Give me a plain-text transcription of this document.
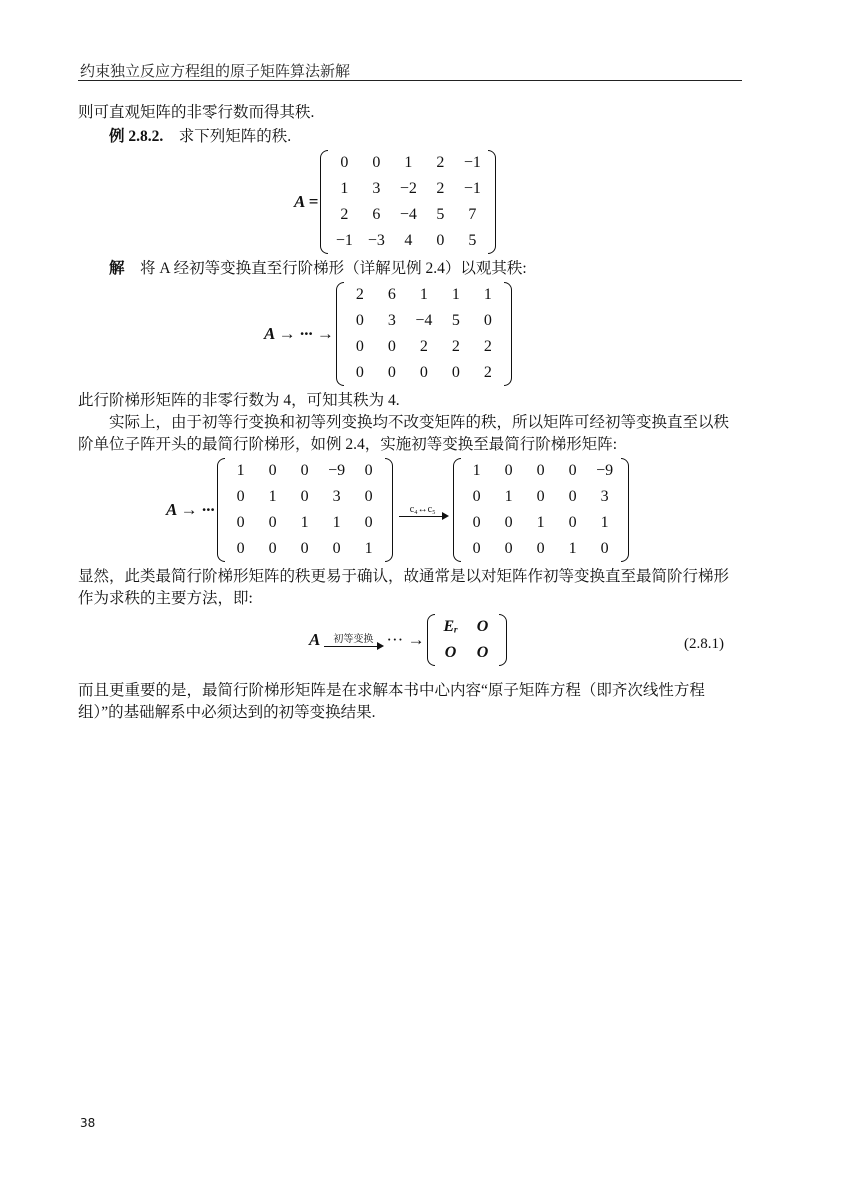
约束独立反应方程组的原子矩阵算法新解

则可直观矩阵的非零行数而得其秩.

例 2.8.2.　求下列矩阵的秩.

A =
0	0	1	2	−1
1	3	−2	2	−1
2	6	−4	5	7
−1	−3	4	0	5

解　将 A 经初等变换直至行阶梯形（详解见例 2.4）以观其秩:

A → ··· →
2	6	1	1	1
0	3	−4	5	0
0	0	2	2	2
0	0	0	0	2

此行阶梯形矩阵的非零行数为 4，可知其秩为 4.

实际上，由于初等行变换和初等列变换均不改变矩阵的秩，所以矩阵可经初等变换直至以秩阶单位子阵开头的最简行阶梯形，如例 2.4，实施初等变换至最简行阶梯形矩阵:

A → ···
1	0	0	−9	0
0	1	0	3	0
0	0	1	1	0
0	0	0	0	1
c₄↔c₅
1	0	0	0	−9
0	1	0	0	3
0	0	1	0	1
0	0	0	1	0

显然，此类最简行阶梯形矩阵的秩更易于确认，故通常是以对矩阵作初等变换直至最简阶行梯形作为求秩的主要方法，即:

A 初等变换 ··· →
Eᵣ	O
O	O	(2.8.1)

而且更重要的是，最简行阶梯形矩阵是在求解本书中心内容“原子矩阵方程（即齐次线性方程组）”的基础解系中必须达到的初等变换结果.

38
